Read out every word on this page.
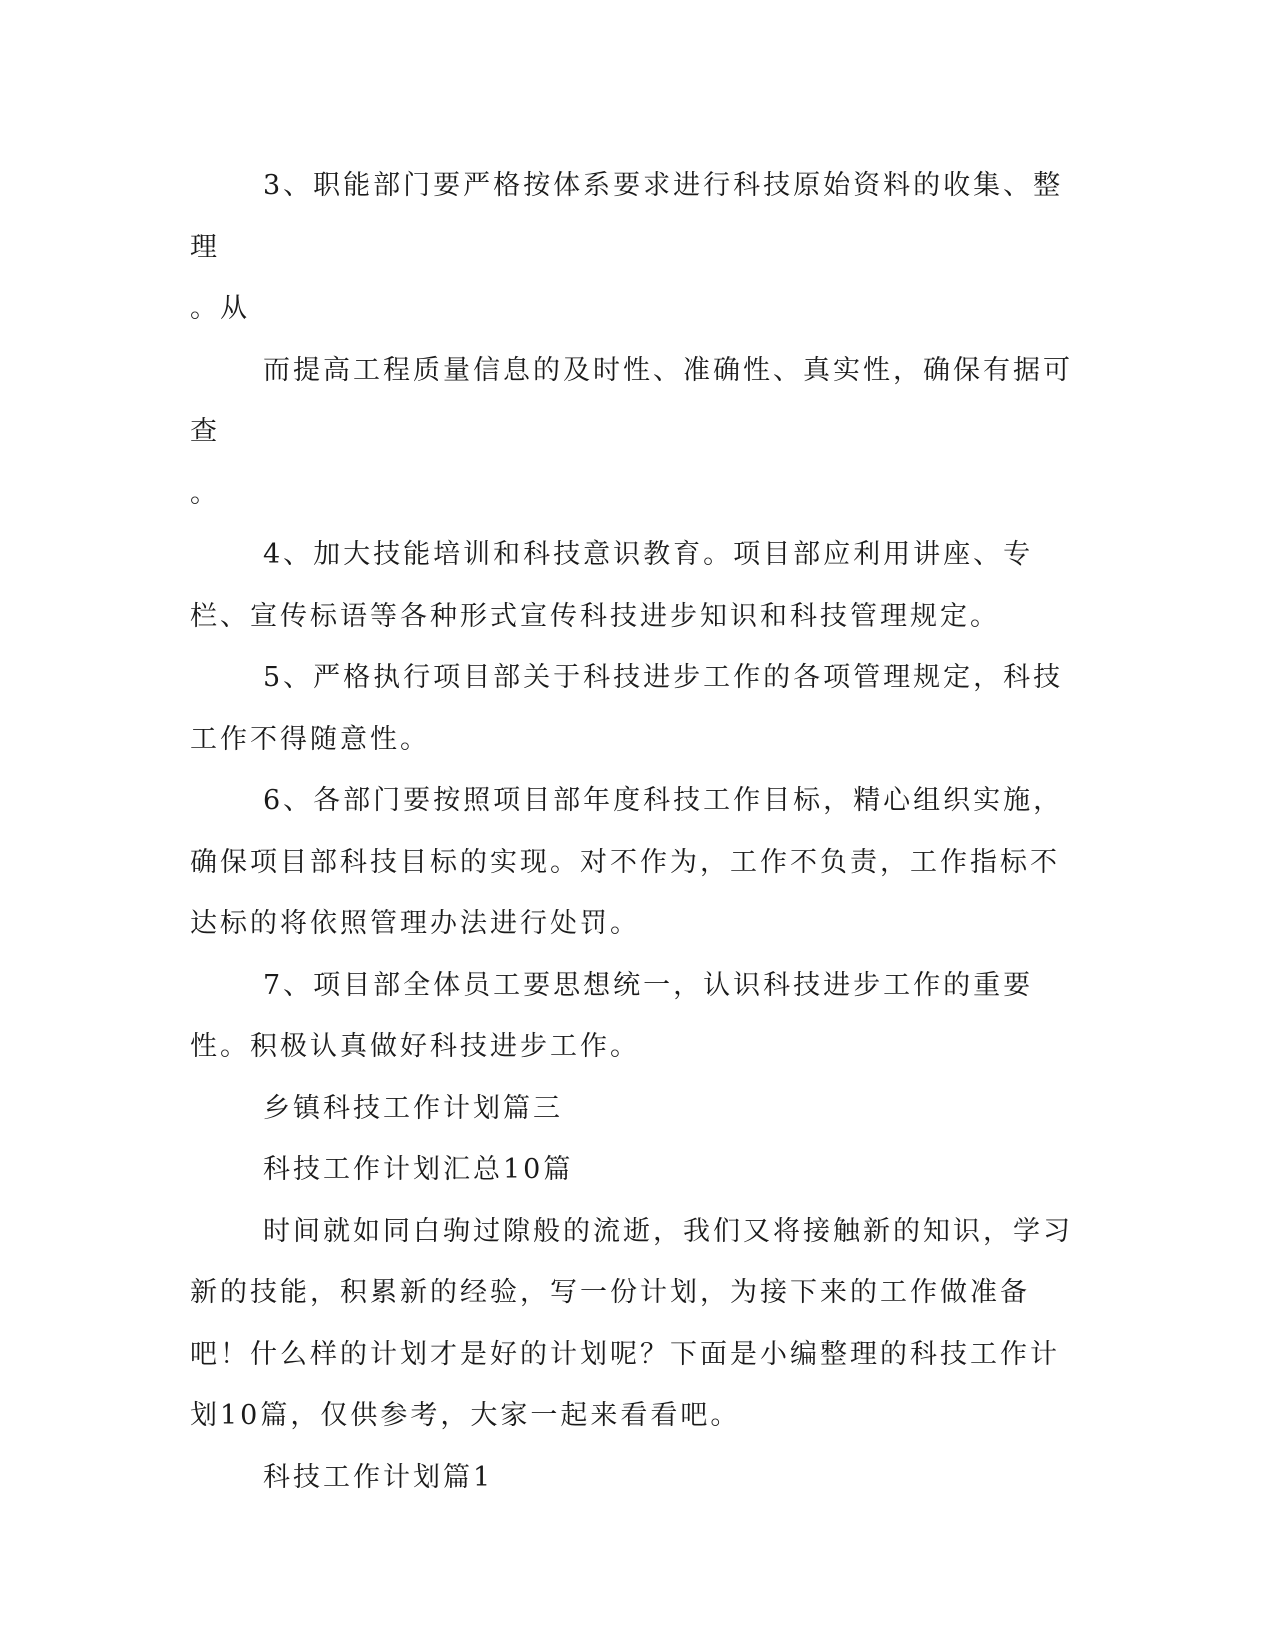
3、职能部门要严格按体系要求进行科技原始资料的收集、整理

。从

而提高工程质量信息的及时性、准确性、真实性，确保有据可查

。

4、加大技能培训和科技意识教育。项目部应利用讲座、专栏、宣传标语等各种形式宣传科技进步知识和科技管理规定。

5、严格执行项目部关于科技进步工作的各项管理规定，科技工作不得随意性。

6、各部门要按照项目部年度科技工作目标，精心组织实施，确保项目部科技目标的实现。对不作为，工作不负责，工作指标不达标的将依照管理办法进行处罚。

7、项目部全体员工要思想统一，认识科技进步工作的重要性。积极认真做好科技进步工作。

乡镇科技工作计划篇三

科技工作计划汇总10篇

时间就如同白驹过隙般的流逝，我们又将接触新的知识，学习新的技能，积累新的经验，写一份计划，为接下来的工作做准备吧！什么样的计划才是好的计划呢？下面是小编整理的科技工作计划10篇，仅供参考，大家一起来看看吧。

科技工作计划篇1
